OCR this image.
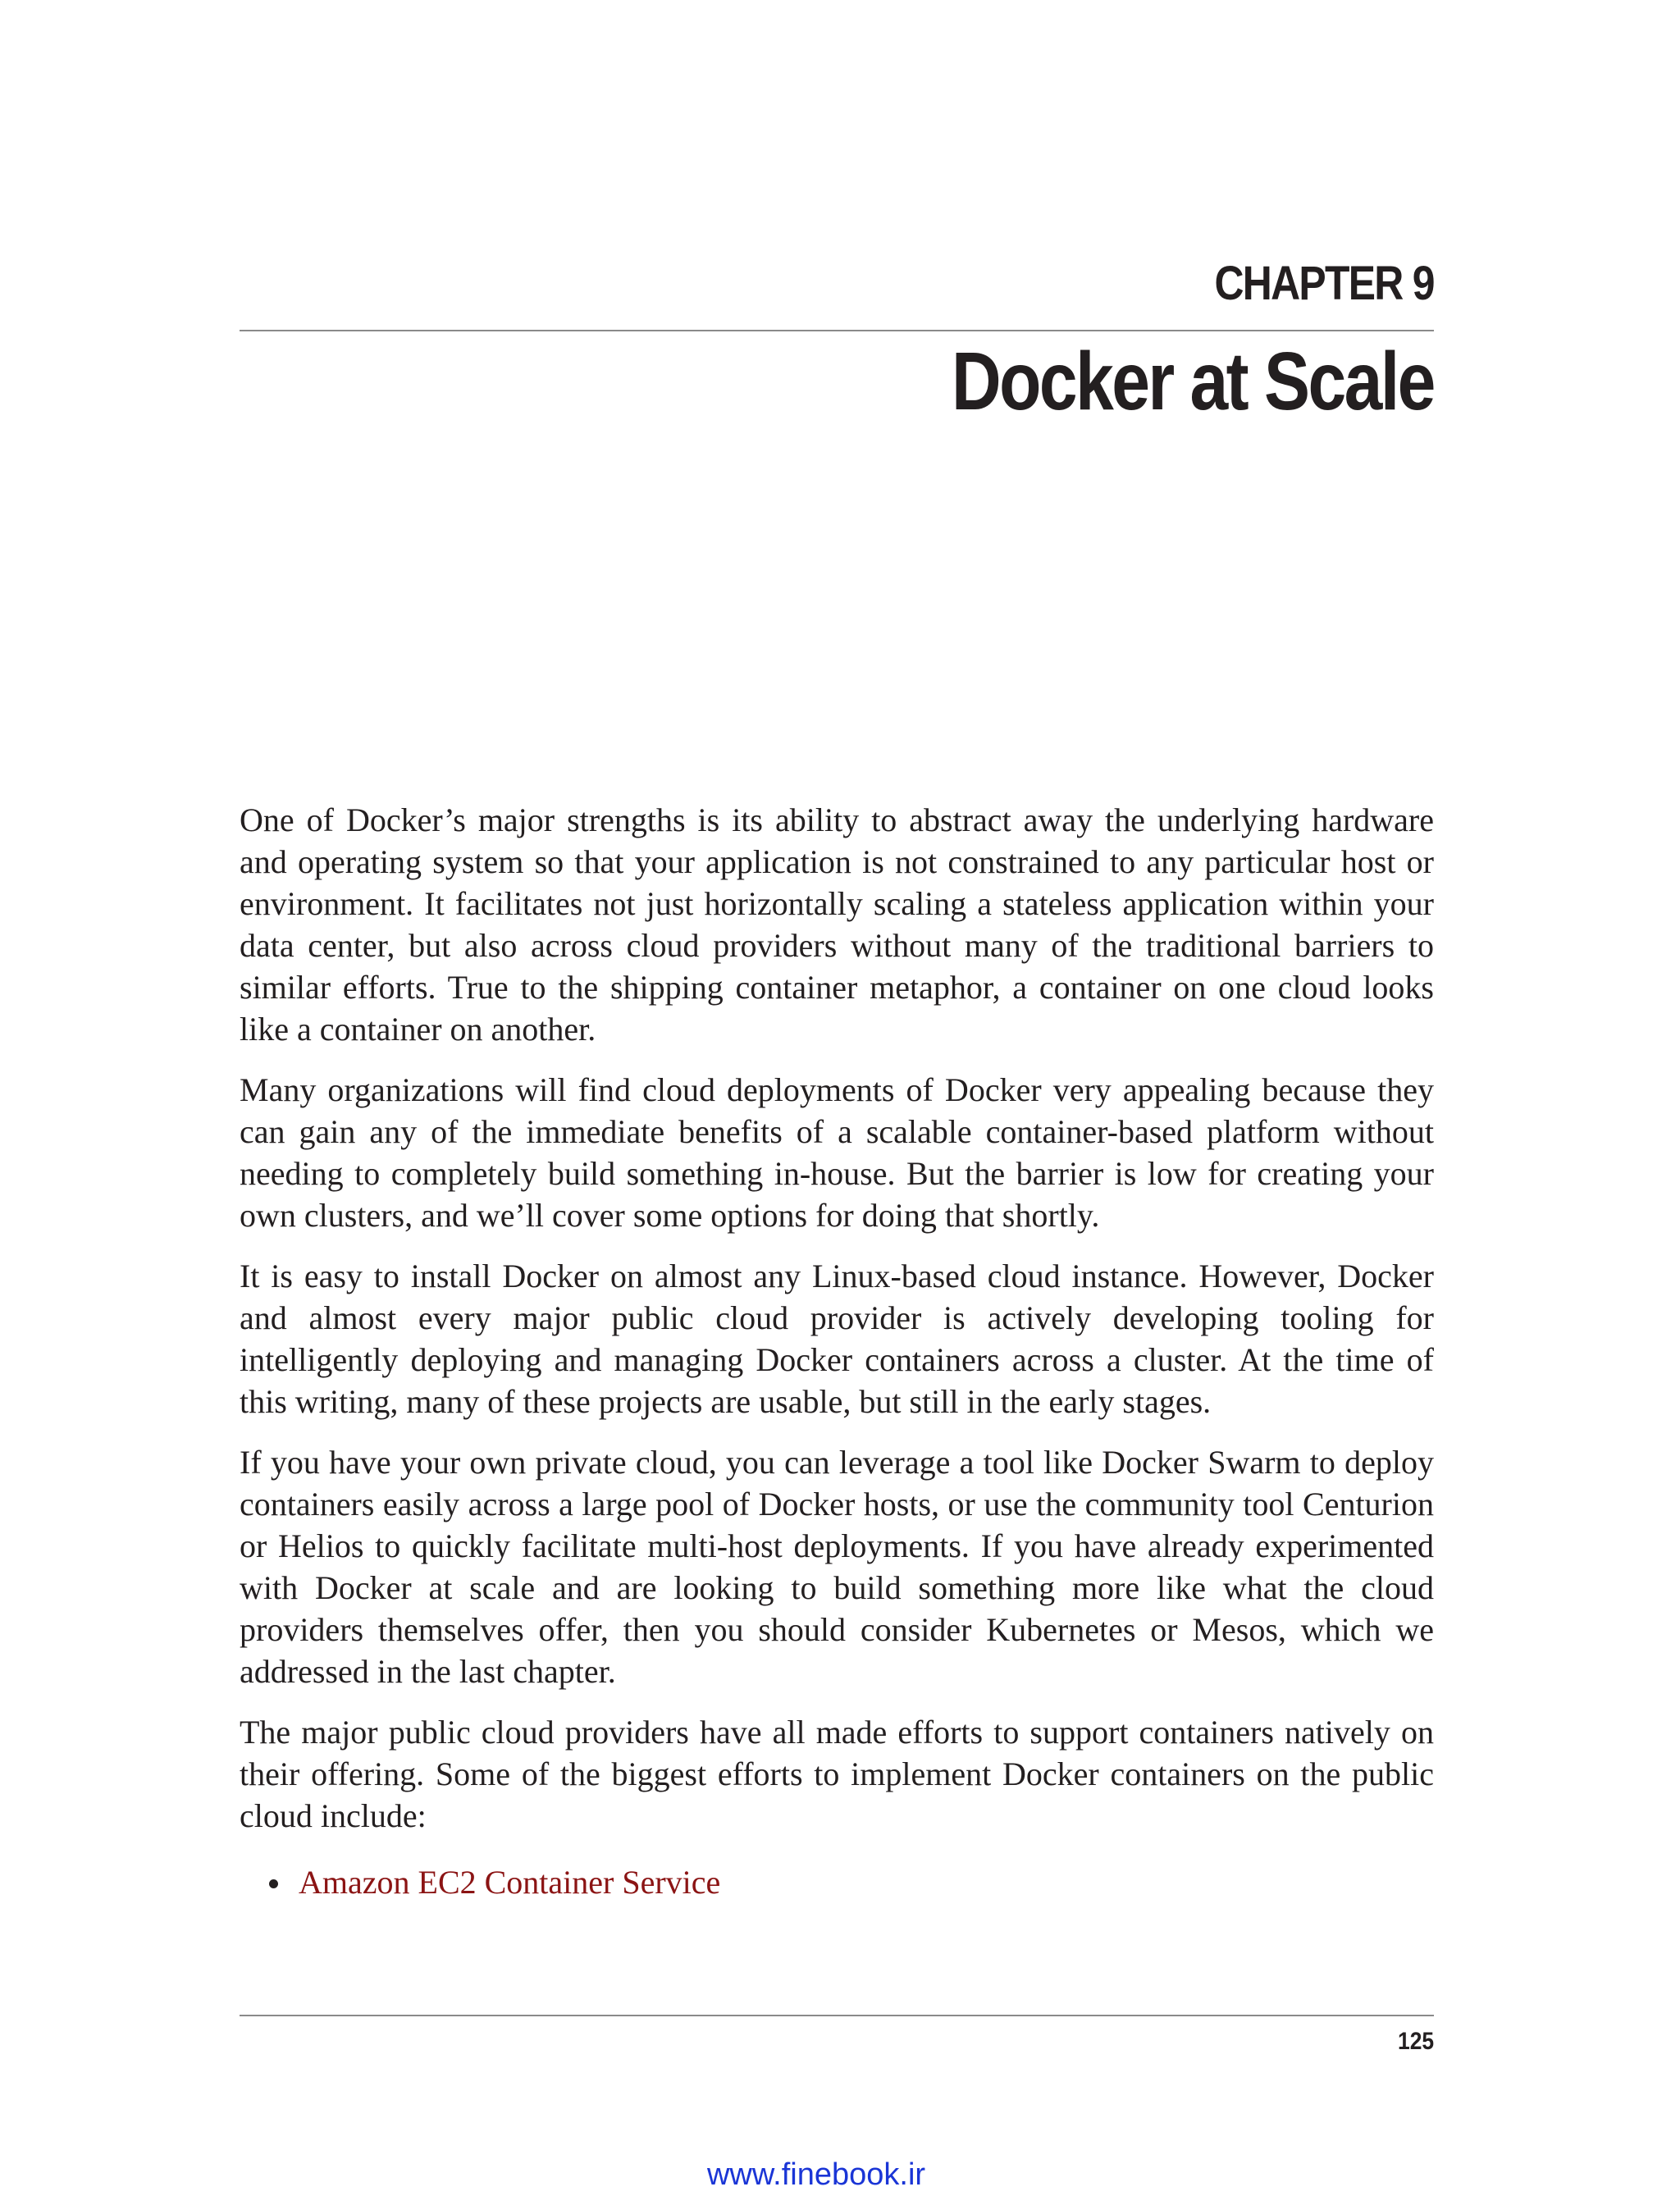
CHAPTER 9
Docker at Scale

One of Docker’s major strengths is its ability to abstract away the underlying hardware and operating system so that your application is not constrained to any particular host or environment. It facilitates not just horizontally scaling a stateless application within your data center, but also across cloud providers without many of the traditional barriers to similar efforts. True to the shipping container metaphor, a container on one cloud looks like a container on another.

Many organizations will find cloud deployments of Docker very appealing because they can gain any of the immediate benefits of a scalable container-based platform without needing to completely build something in-house. But the barrier is low for creating your own clusters, and we’ll cover some options for doing that shortly.

It is easy to install Docker on almost any Linux-based cloud instance. However, Docker and almost every major public cloud provider is actively developing tooling for intelligently deploying and managing Docker containers across a cluster. At the time of this writing, many of these projects are usable, but still in the early stages.

If you have your own private cloud, you can leverage a tool like Docker Swarm to deploy containers easily across a large pool of Docker hosts, or use the community tool Centurion or Helios to quickly facilitate multi-host deployments. If you have already experimented with Docker at scale and are looking to build something more like what the cloud providers themselves offer, then you should consider Kubernetes or Mesos, which we addressed in the last chapter.

The major public cloud providers have all made efforts to support containers natively on their offering. Some of the biggest efforts to implement Docker containers on the public cloud include:

Amazon EC2 Container Service
125
www.finebook.ir
